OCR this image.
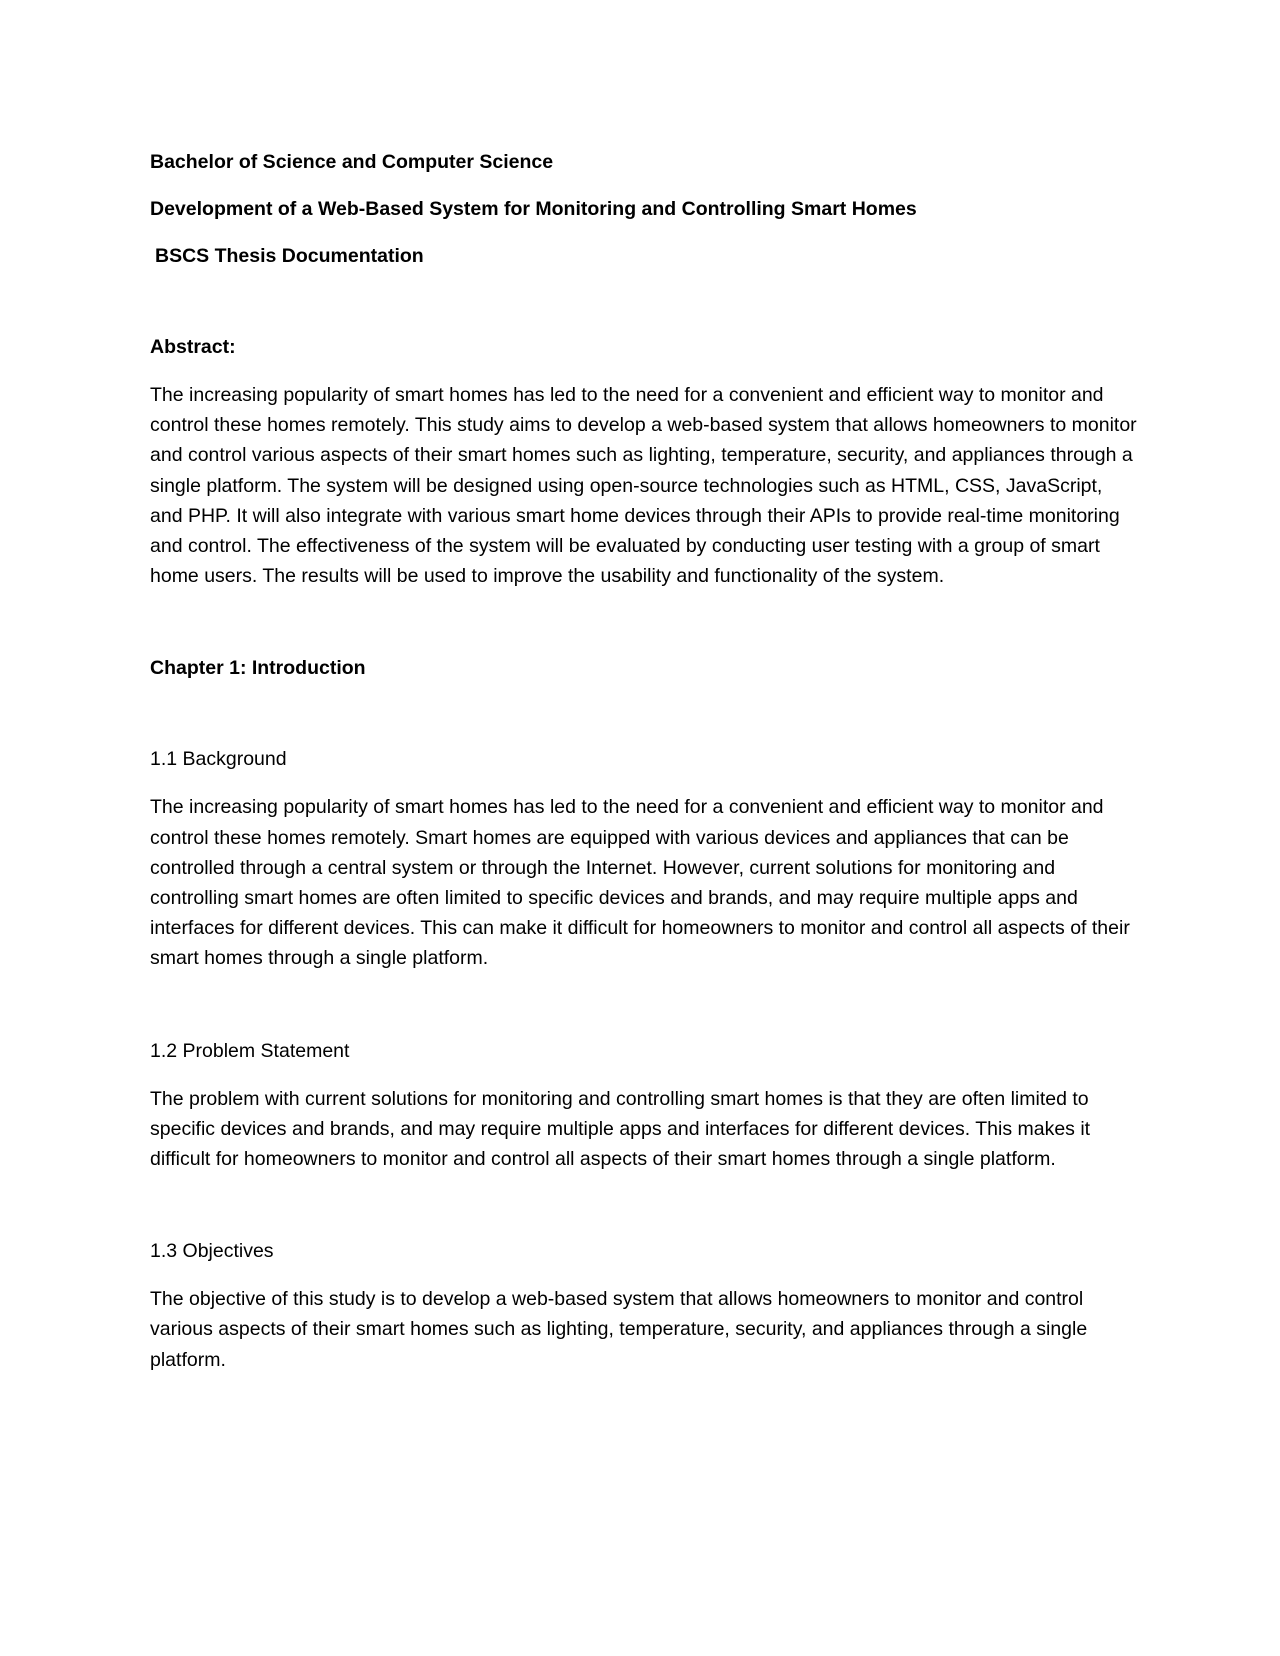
Bachelor of Science and Computer Science

Development of a Web-Based System for Monitoring and Controlling Smart Homes

BSCS Thesis Documentation

Abstract:

The increasing popularity of smart homes has led to the need for a convenient and efficient way to monitor and control these homes remotely. This study aims to develop a web-based system that allows homeowners to monitor and control various aspects of their smart homes such as lighting, temperature, security, and appliances through a single platform. The system will be designed using open-source technologies such as HTML, CSS, JavaScript, and PHP. It will also integrate with various smart home devices through their APIs to provide real-time monitoring and control. The effectiveness of the system will be evaluated by conducting user testing with a group of smart home users. The results will be used to improve the usability and functionality of the system.

Chapter 1: Introduction

1.1 Background

The increasing popularity of smart homes has led to the need for a convenient and efficient way to monitor and control these homes remotely. Smart homes are equipped with various devices and appliances that can be controlled through a central system or through the Internet. However, current solutions for monitoring and controlling smart homes are often limited to specific devices and brands, and may require multiple apps and interfaces for different devices. This can make it difficult for homeowners to monitor and control all aspects of their smart homes through a single platform.

1.2 Problem Statement

The problem with current solutions for monitoring and controlling smart homes is that they are often limited to specific devices and brands, and may require multiple apps and interfaces for different devices. This makes it difficult for homeowners to monitor and control all aspects of their smart homes through a single platform.

1.3 Objectives

The objective of this study is to develop a web-based system that allows homeowners to monitor and control various aspects of their smart homes such as lighting, temperature, security, and appliances through a single platform.
